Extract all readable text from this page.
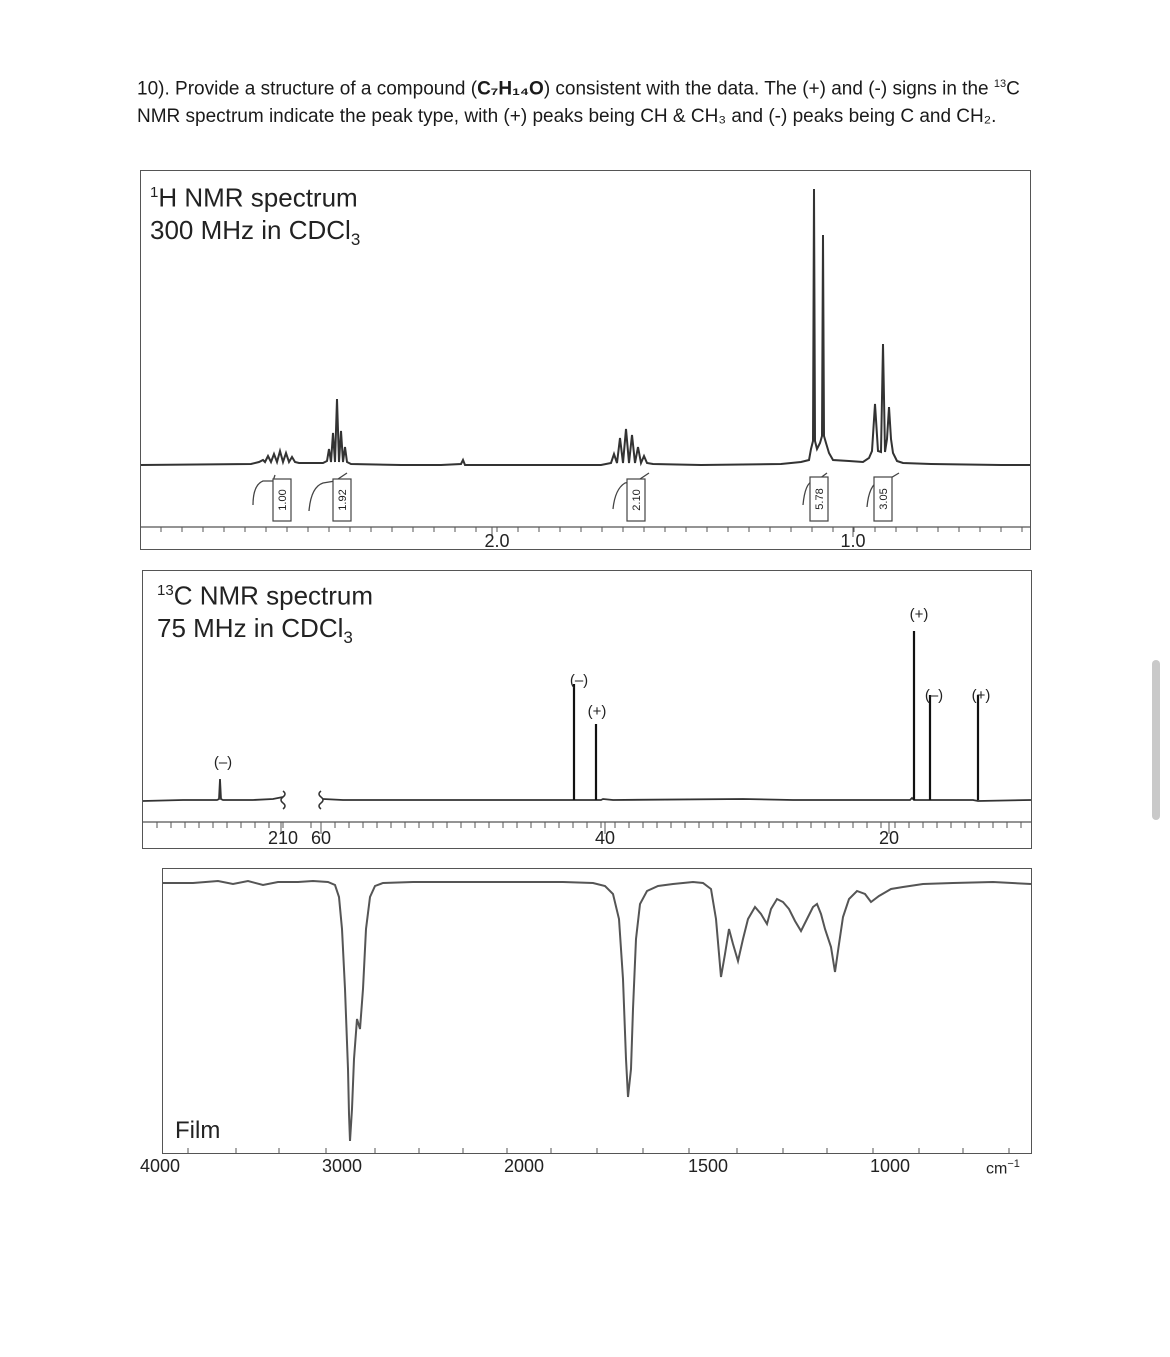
10). Provide a structure of a compound (C₇H₁₄O) consistent with the data. The (+) and (-) signs in the $^{13}$C NMR spectrum indicate the peak type, with (+) peaks being CH & CH₃ and (-) peaks being C and CH₂.
$^1$H NMR spectrum
300 MHz in CDCl$_3$
1.00	1.92	2.10	5.78	3.05
2.0	1.0
$^{13}$C NMR spectrum
75 MHz in CDCl$_3$
(–)
(–)
(+)
(+)
(–) (+)
210 60	40	20
Film
4000	3000	2000	1500	1000	$cm^{-1}$
